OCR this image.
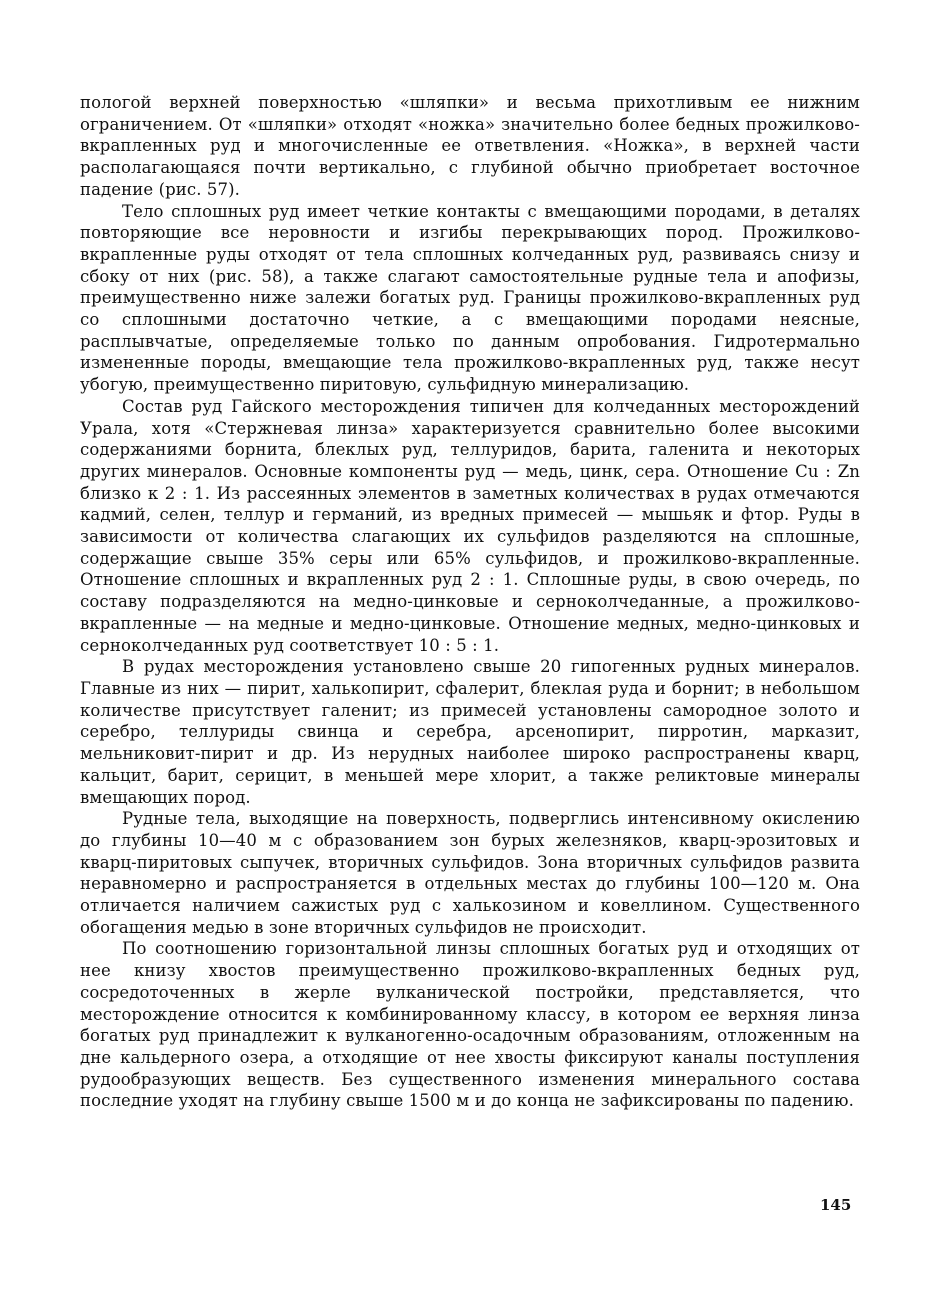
пологой верхней поверхностью «шляпки» и весьма прихотливым ее нижним ограничением. От «шляпки» отходят «ножка» значительно более бедных прожилково-вкрапленных руд и многочисленные ее ответвления. «Ножка», в верхней части располагающаяся почти вертикально, с глубиной обычно приобретает восточное падение (рис. 57).

Тело сплошных руд имеет четкие контакты с вмещающими породами, в деталях повторяющие все неровности и изгибы перекрывающих пород. Прожилково-вкрапленные руды отходят от тела сплошных колчеданных руд, развиваясь снизу и сбоку от них (рис. 58), а также слагают самостоятельные рудные тела и апофизы, преимущественно ниже залежи богатых руд. Границы прожилково-вкрапленных руд со сплошными достаточно четкие, а с вмещающими породами неясные, расплывчатые, определяемые только по данным опробования. Гидротермально измененные породы, вмещающие тела прожилково-вкрапленных руд, также несут убогую, преимущественно пиритовую, сульфидную минерализацию.

Состав руд Гайского месторождения типичен для колчеданных месторождений Урала, хотя «Стержневая линза» характеризуется сравнительно более высокими содержаниями борнита, блеклых руд, теллуридов, барита, галенита и некоторых других минералов. Основные компоненты руд — медь, цинк, сера. Отношение Cu : Zn близко к 2 : 1. Из рассеянных элементов в заметных количествах в рудах отмечаются кадмий, селен, теллур и германий, из вредных примесей — мышьяк и фтор. Руды в зависимости от количества слагающих их сульфидов разделяются на сплошные, содержащие свыше 35% серы или 65% сульфидов, и прожилково-вкрапленные. Отношение сплошных и вкрапленных руд 2 : 1. Сплошные руды, в свою очередь, по составу подразделяются на медно-цинковые и серноколчеданные, а прожилково-вкрапленные — на медные и медно-цинковые. Отношение медных, медно-цинковых и серноколчеданных руд соответствует 10 : 5 : 1.

В рудах месторождения установлено свыше 20 гипогенных рудных минералов. Главные из них — пирит, халькопирит, сфалерит, блеклая руда и борнит; в небольшом количестве присутствует галенит; из примесей установлены самородное золото и серебро, теллуриды свинца и серебра, арсенопирит, пирротин, марказит, мельниковит-пирит и др. Из нерудных наиболее широко распространены кварц, кальцит, барит, серицит, в меньшей мере хлорит, а также реликтовые минералы вмещающих пород.

Рудные тела, выходящие на поверхность, подверглись интенсивному окислению до глубины 10—40 м с образованием зон бурых железняков, кварц-эрозитовых и кварц-пиритовых сыпучек, вторичных сульфидов. Зона вторичных сульфидов развита неравномерно и распространяется в отдельных местах до глубины 100—120 м. Она отличается наличием сажистых руд с халькозином и ковеллином. Существенного обогащения медью в зоне вторичных сульфидов не происходит.

По соотношению горизонтальной линзы сплошных богатых руд и отходящих от нее книзу хвостов преимущественно прожилково-вкрапленных бедных руд, сосредоточенных в жерле вулканической постройки, представляется, что месторождение относится к комбинированному классу, в котором ее верхняя линза богатых руд принадлежит к вулканогенно-осадочным образованиям, отложенным на дне кальдерного озера, а отходящие от нее хвосты фиксируют каналы поступления рудообразующих веществ. Без существенного изменения минерального состава последние уходят на глубину свыше 1500 м и до конца не зафиксированы по падению.

145
